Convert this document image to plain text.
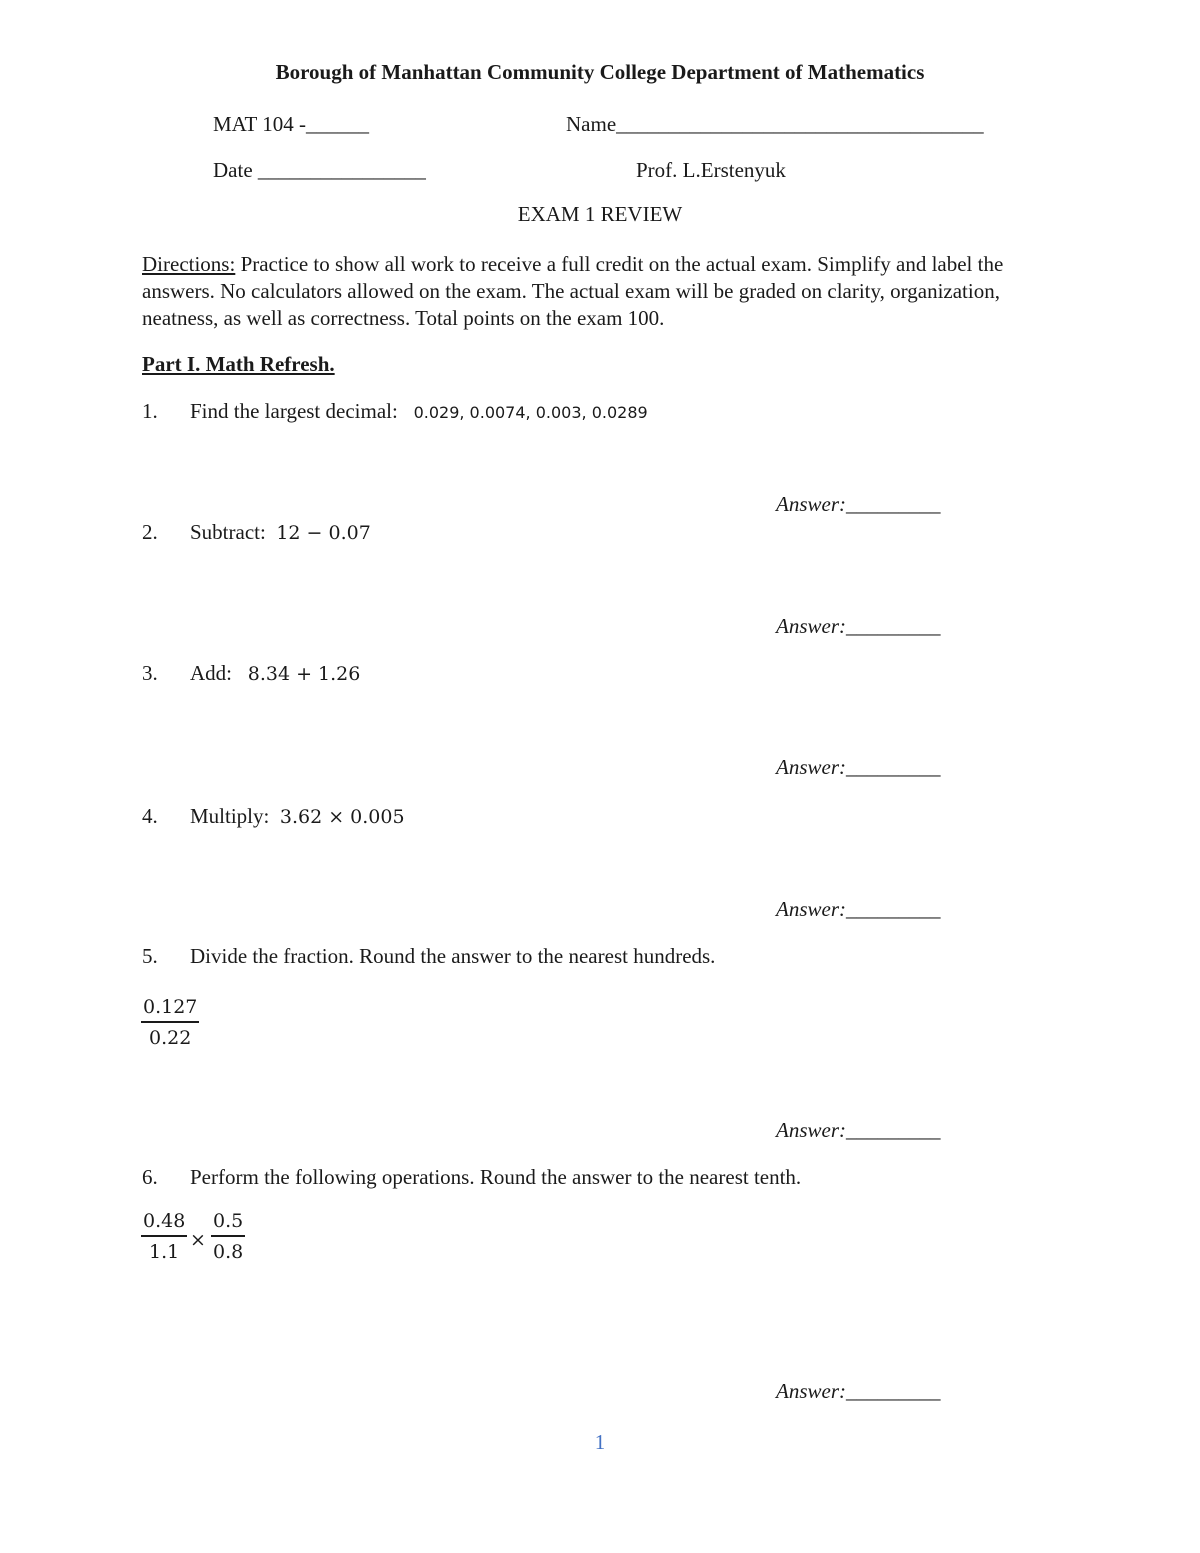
Borough of Manhattan Community College Department of Mathematics
MAT 104 -______	Name___________________________________
Date ________________	Prof. L.Erstenyuk
EXAM 1 REVIEW
Directions: Practice to show all work to receive a full credit on the actual exam. Simplify and label the answers. No calculators allowed on the exam. The actual exam will be graded on clarity, organization, neatness, as well as correctness. Total points on the exam 100.
Part I. Math Refresh.
1. Find the largest decimal: 0.029, 0.0074, 0.003, 0.0289
Answer:_________
2. Subtract: 12 − 0.07
Answer:_________
3. Add: 8.34 + 1.26
Answer:_________
4. Multiply: 3.62 × 0.005
Answer:_________
5. Divide the fraction. Round the answer to the nearest hundreds.
$\frac{0.127}{0.22}$
Answer:_________
6. Perform the following operations. Round the answer to the nearest tenth.
$\frac{0.48}{1.1} \times \frac{0.5}{0.8}$
Answer:_________
1
